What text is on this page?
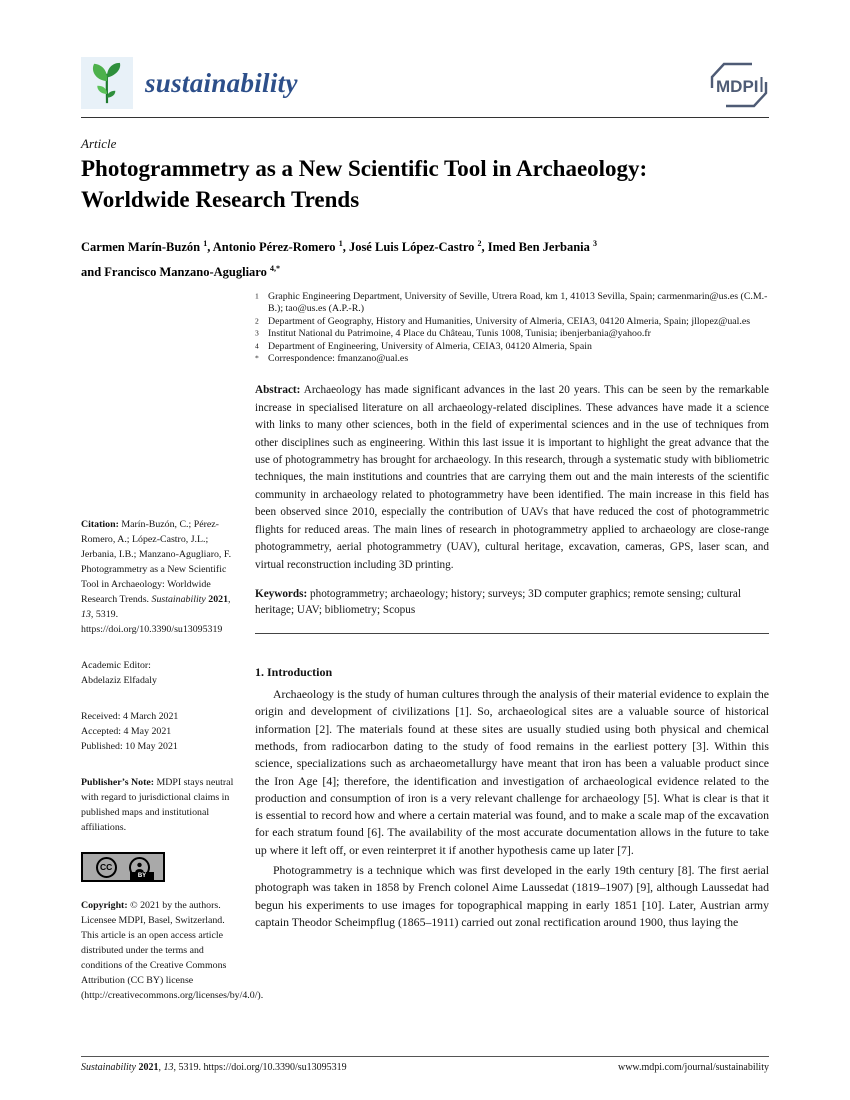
sustainability	MDPI
Article
Photogrammetry as a New Scientific Tool in Archaeology:
Worldwide Research Trends
Carmen Marín-Buzón $^1$, Antonio Pérez-Romero $^1$, José Luis López-Castro $^2$, Imed Ben Jerbania $^3$
and Francisco Manzano-Agugliaro $^{4,*}$
1 Graphic Engineering Department, University of Seville, Utrera Road, km 1, 41013 Sevilla, Spain; carmenmarin@us.es (C.M.-B.); tao@us.es (A.P.-R.)
2 Department of Geography, History and Humanities, University of Almeria, CEIA3, 04120 Almeria, Spain; jllopez@ual.es
3 Institut National du Patrimoine, 4 Place du Château, Tunis 1008, Tunisia; ibenjerbania@yahoo.fr
4 Department of Engineering, University of Almeria, CEIA3, 04120 Almeria, Spain
* Correspondence: fmanzano@ual.es
Abstract: Archaeology has made significant advances in the last 20 years. This can be seen by the remarkable increase in specialised literature on all archaeology-related disciplines. These advances have made it a science with links to many other sciences, both in the field of experimental sciences and in the use of techniques from other disciplines such as engineering. Within this last issue it is important to highlight the great advance that the use of photogrammetry has brought for archaeology. In this research, through a systematic study with bibliometric techniques, the main institutions and countries that are carrying them out and the main interests of the scientific community in archaeology related to photogrammetry have been identified. The main increase in this field has been observed since 2010, especially the contribution of UAVs that have reduced the cost of photogrammetric flights for reduced areas. The main lines of research in photogrammetry applied to archaeology are close-range photogrammetry, aerial photogrammetry (UAV), cultural heritage, excavation, cameras, GPS, laser scan, and virtual reconstruction including 3D printing.
Keywords: photogrammetry; archaeology; history; surveys; 3D computer graphics; remote sensing; cultural heritage; UAV; bibliometry; Scopus
1. Introduction

Archaeology is the study of human cultures through the analysis of their material evidence to explain the origin and development of civilizations [1]. So, archaeological sites are a valuable source of historical information [2]. The materials found at these sites are usually studied using both physical and chemical methods, from radiocarbon dating to the study of food remains in the earliest pottery [3]. Within this science, specializations such as archaeometallurgy have meant that iron has been a valuable product since the Iron Age [4]; therefore, the identification and investigation of archaeological evidence related to the production and consumption of iron is a very relevant challenge for archaeology [5]. What is clear is that it is essential to record how and where a certain material was found, and to make a scale map of the excavation for each stratum found [6]. The availability of the most accurate documentation allows in the future to take up where it left off, or even reinterpret it if another hypothesis came up later [7].

Photogrammetry is a technique which was first developed in the early 19th century [8]. The first aerial photograph was taken in 1858 by French colonel Aime Laussedat (1819–1907) [9], although Laussedat had begun his experiments to use images for topographical mapping in early 1851 [10]. Later, Austrian army captain Theodor Scheimpflug (1865–1911) carried out zonal rectification around 1900, thus laying the

Citation: Marín-Buzón, C.; Pérez-Romero, A.; López-Castro, J.L.; Jerbania, I.B.; Manzano-Agugliaro, F. Photogrammetry as a New Scientific Tool in Archaeology: Worldwide Research Trends. Sustainability 2021, 13, 5319. https://doi.org/10.3390/su13095319
Academic Editor:
Abdelaziz Elfadaly
Received: 4 March 2021
Accepted: 4 May 2021
Published: 10 May 2021
Publisher’s Note: MDPI stays neutral with regard to jurisdictional claims in published maps and institutional affiliations.
CC
BY
Copyright: © 2021 by the authors. Licensee MDPI, Basel, Switzerland. This article is an open access article distributed under the terms and conditions of the Creative Commons Attribution (CC BY) license (http://creativecommons.org/licenses/by/4.0/).
Sustainability 2021, 13, 5319. https://doi.org/10.3390/su13095319	www.mdpi.com/journal/sustainability
